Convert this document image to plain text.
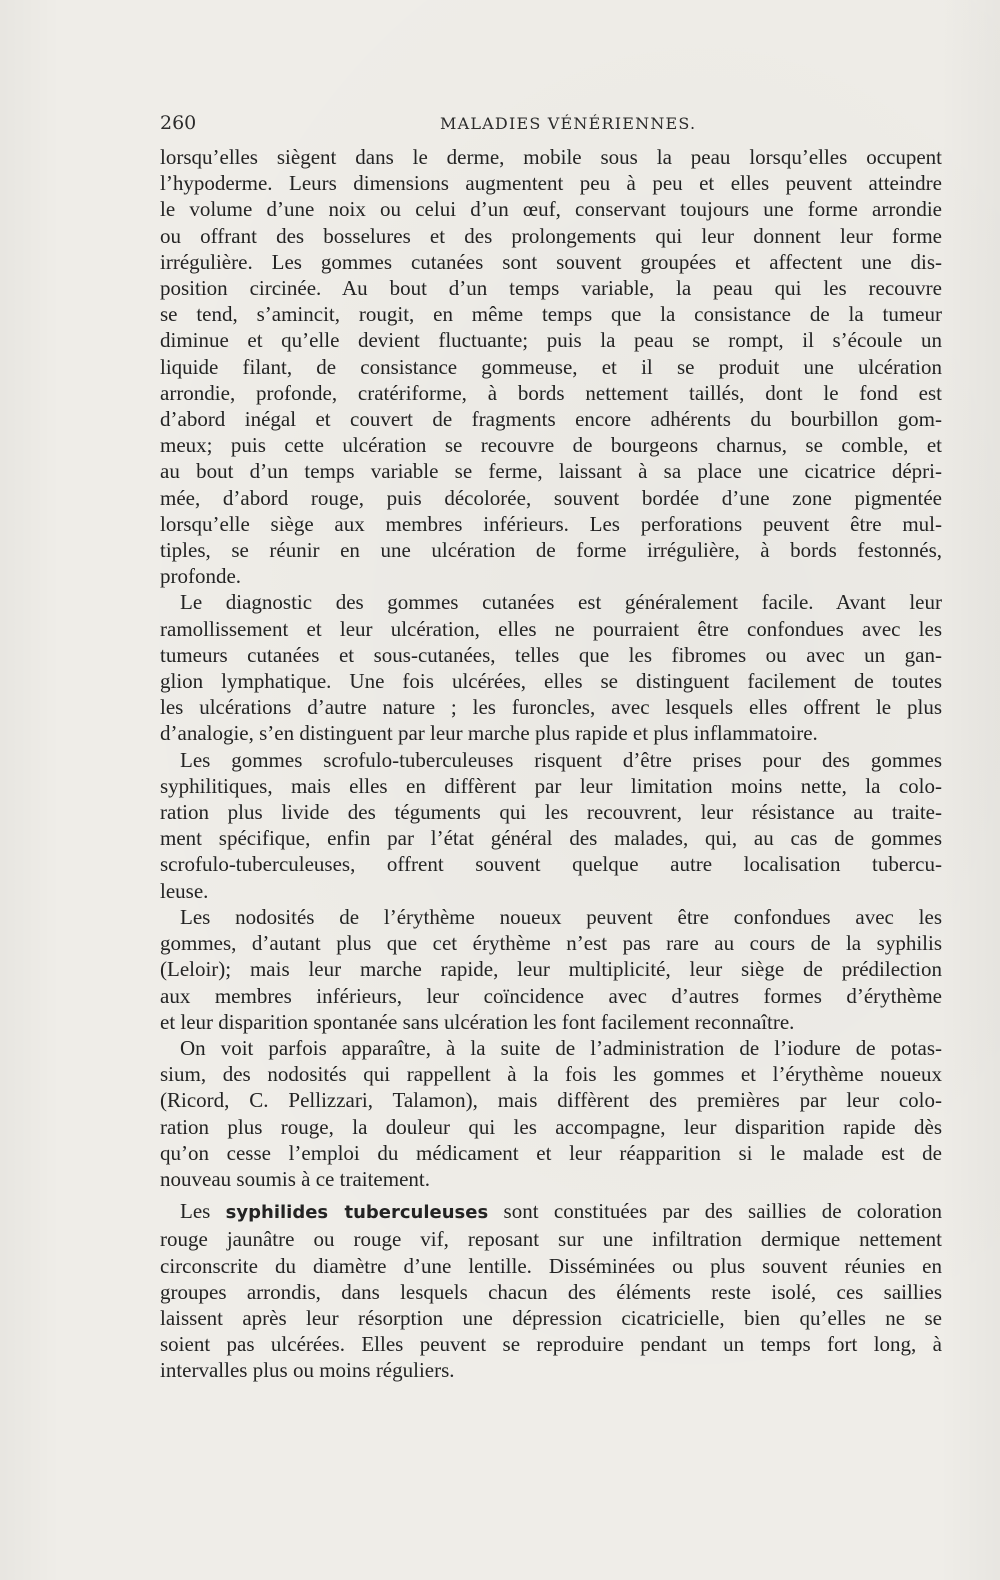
260	MALADIES VÉNÉRIENNES.
lorsqu’elles siègent dans le derme, mobile sous la peau lorsqu’elles occupent
l’hypoderme. Leurs dimensions augmentent peu à peu et elles peuvent atteindre
le volume d’une noix ou celui d’un œuf, conservant toujours une forme arrondie
ou offrant des bosselures et des prolongements qui leur donnent leur forme
irrégulière. Les gommes cutanées sont souvent groupées et affectent une dis-
position circinée. Au bout d’un temps variable, la peau qui les recouvre
se tend, s’amincit, rougit, en même temps que la consistance de la tumeur
diminue et qu’elle devient fluctuante; puis la peau se rompt, il s’écoule un
liquide filant, de consistance gommeuse, et il se produit une ulcération
arrondie, profonde, cratériforme, à bords nettement taillés, dont le fond est
d’abord inégal et couvert de fragments encore adhérents du bourbillon gom-
meux; puis cette ulcération se recouvre de bourgeons charnus, se comble, et
au bout d’un temps variable se ferme, laissant à sa place une cicatrice dépri-
mée, d’abord rouge, puis décolorée, souvent bordée d’une zone pigmentée
lorsqu’elle siège aux membres inférieurs. Les perforations peuvent être mul-
tiples, se réunir en une ulcération de forme irrégulière, à bords festonnés,
profonde.
Le diagnostic des gommes cutanées est généralement facile. Avant leur
ramollissement et leur ulcération, elles ne pourraient être confondues avec les
tumeurs cutanées et sous-cutanées, telles que les fibromes ou avec un gan-
glion lymphatique. Une fois ulcérées, elles se distinguent facilement de toutes
les ulcérations d’autre nature ; les furoncles, avec lesquels elles offrent le plus
d’analogie, s’en distinguent par leur marche plus rapide et plus inflammatoire.
Les gommes scrofulo-tuberculeuses risquent d’être prises pour des gommes
syphilitiques, mais elles en diffèrent par leur limitation moins nette, la colo-
ration plus livide des téguments qui les recouvrent, leur résistance au traite-
ment spécifique, enfin par l’état général des malades, qui, au cas de gommes
scrofulo-tuberculeuses, offrent souvent quelque autre localisation tubercu-
leuse.
Les nodosités de l’érythème noueux peuvent être confondues avec les
gommes, d’autant plus que cet érythème n’est pas rare au cours de la syphilis
(Leloir); mais leur marche rapide, leur multiplicité, leur siège de prédilection
aux membres inférieurs, leur coïncidence avec d’autres formes d’érythème
et leur disparition spontanée sans ulcération les font facilement reconnaître.
On voit parfois apparaître, à la suite de l’administration de l’iodure de potas-
sium, des nodosités qui rappellent à la fois les gommes et l’érythème noueux
(Ricord, C. Pellizzari, Talamon), mais diffèrent des premières par leur colo-
ration plus rouge, la douleur qui les accompagne, leur disparition rapide dès
qu’on cesse l’emploi du médicament et leur réapparition si le malade est de
nouveau soumis à ce traitement.
Les syphilides tuberculeuses sont constituées par des saillies de coloration
rouge jaunâtre ou rouge vif, reposant sur une infiltration dermique nettement
circonscrite du diamètre d’une lentille. Disséminées ou plus souvent réunies en
groupes arrondis, dans lesquels chacun des éléments reste isolé, ces saillies
laissent après leur résorption une dépression cicatricielle, bien qu’elles ne se
soient pas ulcérées. Elles peuvent se reproduire pendant un temps fort long, à
intervalles plus ou moins réguliers.
